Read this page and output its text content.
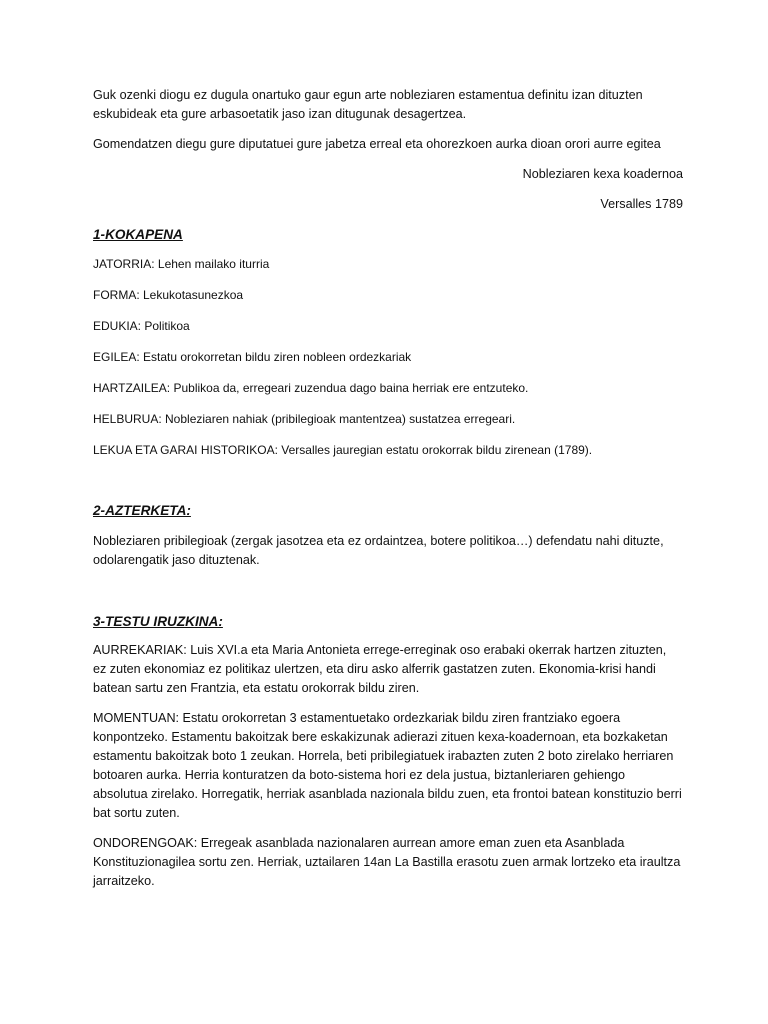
Guk ozenki diogu ez dugula onartuko gaur egun arte nobleziaren estamentua definitu izan dituzten eskubideak eta gure arbasoetatik jaso izan ditugunak desagertzea.

Gomendatzen diegu gure diputatuei gure jabetza erreal eta ohorezkoen aurka dioan orori aurre egitea

Nobleziaren kexa koadernoa

Versalles 1789

1-KOKAPENA

JATORRIA: Lehen mailako iturria

FORMA: Lekukotasunezkoa

EDUKIA: Politikoa

EGILEA: Estatu orokorretan bildu ziren nobleen ordezkariak

HARTZAILEA: Publikoa da, erregeari zuzendua dago baina herriak ere entzuteko.

HELBURUA: Nobleziaren nahiak (pribilegioak mantentzea) sustatzea erregeari.

LEKUA ETA GARAI HISTORIKOA: Versalles jauregian estatu orokorrak bildu zirenean (1789).

2-AZTERKETA:

Nobleziaren pribilegioak (zergak jasotzea eta ez ordaintzea, botere politikoa…) defendatu nahi dituzte, odolarengatik jaso dituztenak.

3-TESTU IRUZKINA:

AURREKARIAK: Luis XVI.a eta Maria Antonieta errege-erreginak oso erabaki okerrak hartzen zituzten, ez zuten ekonomiaz ez politikaz ulertzen, eta diru asko alferrik gastatzen zuten. Ekonomia-krisi handi batean sartu zen Frantzia, eta estatu orokorrak bildu ziren.

MOMENTUAN: Estatu orokorretan 3 estamentuetako ordezkariak bildu ziren frantziako egoera konpontzeko. Estamentu bakoitzak bere eskakizunak adierazi zituen kexa-koadernoan, eta bozkaketan estamentu bakoitzak boto 1 zeukan. Horrela, beti pribilegiatuek irabazten zuten 2 boto zirelako herriaren botoaren aurka. Herria konturatzen da boto-sistema hori ez dela justua, biztanleriaren gehiengo absolutua zirelako. Horregatik, herriak asanblada nazionala bildu zuen, eta frontoi batean konstituzio berri bat sortu zuten.

ONDORENGOAK: Erregeak asanblada nazionalaren aurrean amore eman zuen eta Asanblada Konstituzionagilea sortu zen. Herriak, uztailaren 14an La Bastilla erasotu zuen armak lortzeko eta iraultza jarraitzeko.
